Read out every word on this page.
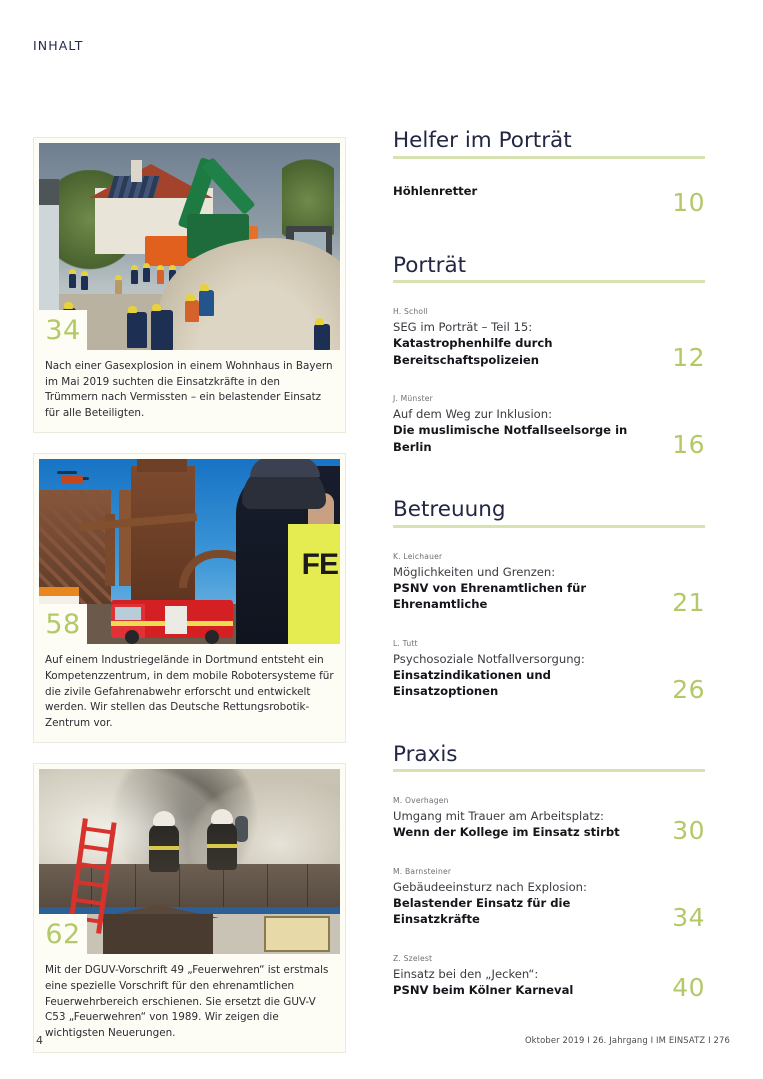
INHALT
34
Nach einer Gasexplosion in einem Wohnhaus in Bayern im Mai 2019 suchten die Einsatzkräfte in den Trümmern nach Vermissten – ein belastender Einsatz für alle Beteiligten.
FE
58
Auf einem Industriegelände in Dortmund entsteht ein Kompetenzzentrum, in dem mobile Robotersysteme für die zivile Gefahrenabwehr erforscht und entwickelt werden. Wir stellen das Deutsche Rettungsrobotik-Zentrum vor.
62
Mit der DGUV-Vorschrift 49 „Feuerwehren“ ist erstmals eine spezielle Vorschrift für den ehrenamtlichen Feuerwehrbereich erschienen. Sie ersetzt die GUV-V C53 „Feuerwehren“ von 1989. Wir zeigen die wichtigsten Neuerungen.
Helfer im Porträt
Höhlenretter	10
Porträt
H. Scholl
SEG im Porträt – Teil 15:
Katastrophenhilfe durch Bereitschaftspolizeien	12
J. Münster
Auf dem Weg zur Inklusion:
Die muslimische Notfallseelsorge in Berlin	16
Betreuung
K. Leichauer
Möglichkeiten und Grenzen:
PSNV von Ehrenamtlichen für Ehrenamtliche	21
L. Tutt
Psychosoziale Notfallversorgung:
Einsatzindikationen und Einsatzoptionen	26
Praxis
M. Overhagen
Umgang mit Trauer am Arbeitsplatz:
Wenn der Kollege im Einsatz stirbt	30
M. Barnsteiner
Gebäudeeinsturz nach Explosion:
Belastender Einsatz für die Einsatzkräfte	34
Z. Szelest
Einsatz bei den „Jecken“:
PSNV beim Kölner Karneval	40
4	Oktober 2019 I 26. Jahrgang I IM EINSATZ I 276
